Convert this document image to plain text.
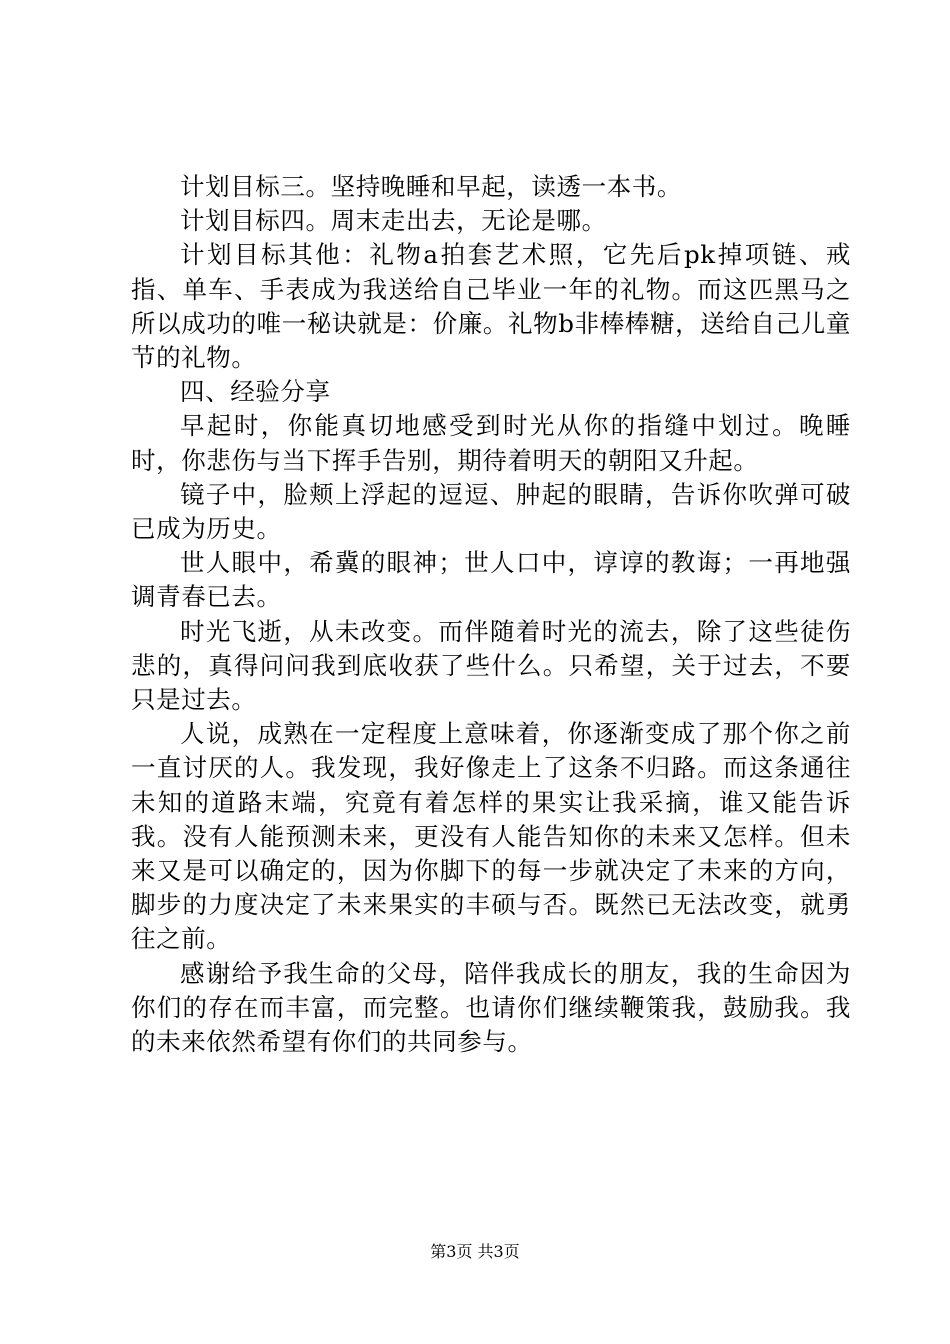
计划目标三。坚持晚睡和早起，读透一本书。

计划目标四。周末走出去，无论是哪。

计划目标其他：礼物a拍套艺术照，它先后pk掉项链、戒指、单车、手表成为我送给自己毕业一年的礼物。而这匹黑马之所以成功的唯一秘诀就是：价廉。礼物b非棒棒糖，送给自己儿童节的礼物。

四、经验分享

早起时，你能真切地感受到时光从你的指缝中划过。晚睡时，你悲伤与当下挥手告别，期待着明天的朝阳又升起。

镜子中，脸颊上浮起的逗逗、肿起的眼睛，告诉你吹弹可破已成为历史。

世人眼中，希冀的眼神；世人口中，谆谆的教诲；一再地强调青春已去。

时光飞逝，从未改变。而伴随着时光的流去，除了这些徒伤悲的，真得问问我到底收获了些什么。只希望，关于过去，不要只是过去。

人说，成熟在一定程度上意味着，你逐渐变成了那个你之前一直讨厌的人。我发现，我好像走上了这条不归路。而这条通往未知的道路末端，究竟有着怎样的果实让我采摘，谁又能告诉我。没有人能预测未来，更没有人能告知你的未来又怎样。但未来又是可以确定的，因为你脚下的每一步就决定了未来的方向，脚步的力度决定了未来果实的丰硕与否。既然已无法改变，就勇往之前。

感谢给予我生命的父母，陪伴我成长的朋友，我的生命因为你们的存在而丰富，而完整。也请你们继续鞭策我，鼓励我。我的未来依然希望有你们的共同参与。

第3页 共3页
